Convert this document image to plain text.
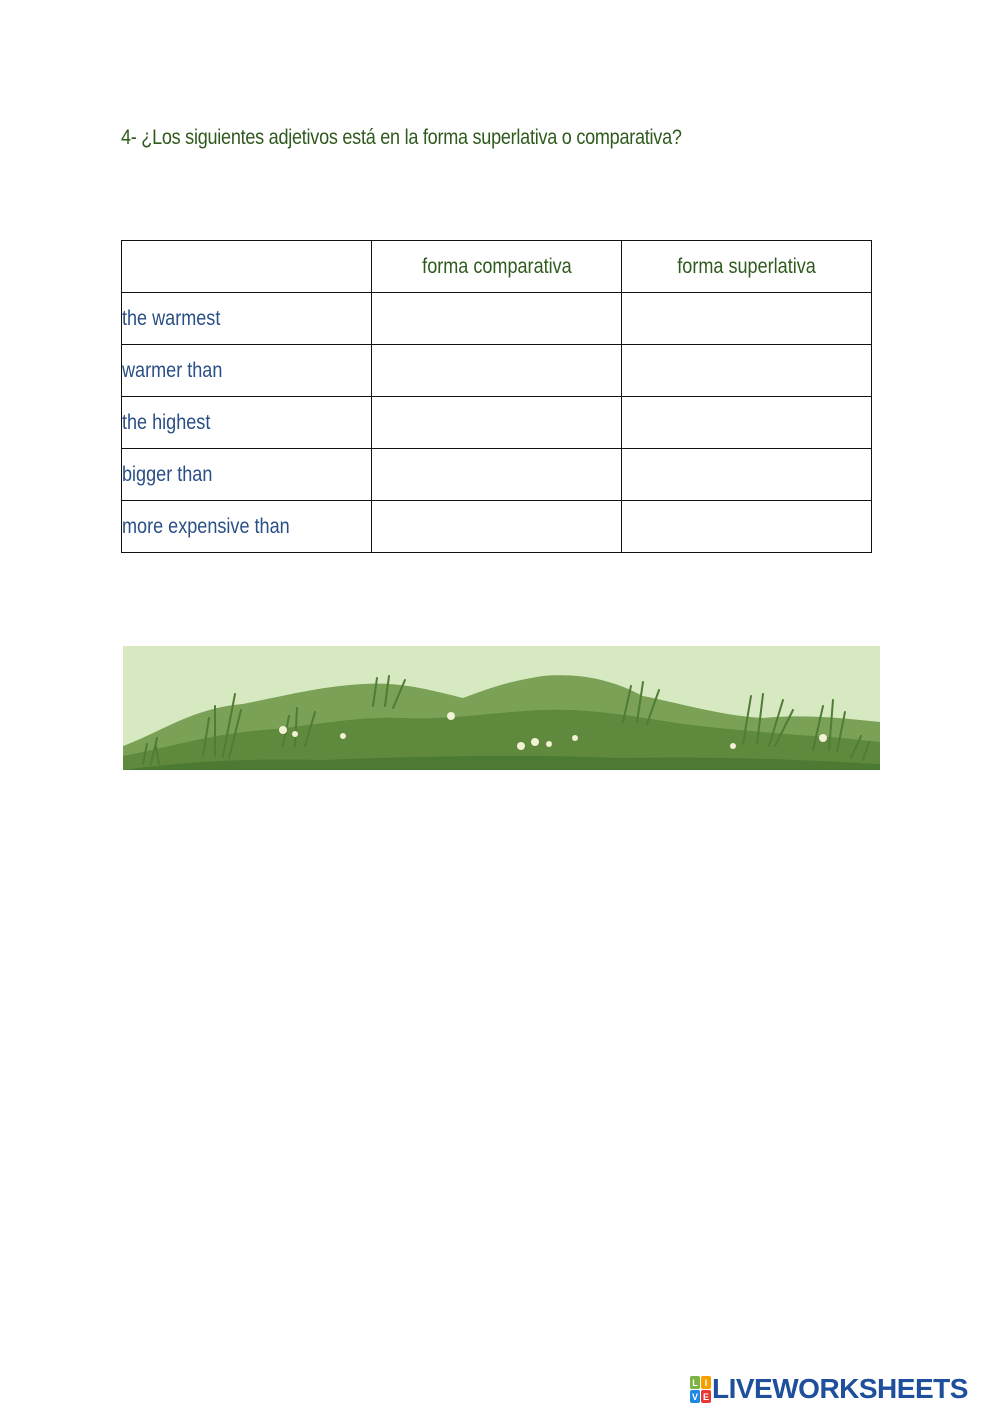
4- ¿Los siguientes adjetivos está en la forma superlativa o comparativa?
	forma comparativa	forma superlativa
the warmest		
warmer than		
the highest		
bigger than		
more expensive than		
L I
V E LIVEWORKSHEETS
